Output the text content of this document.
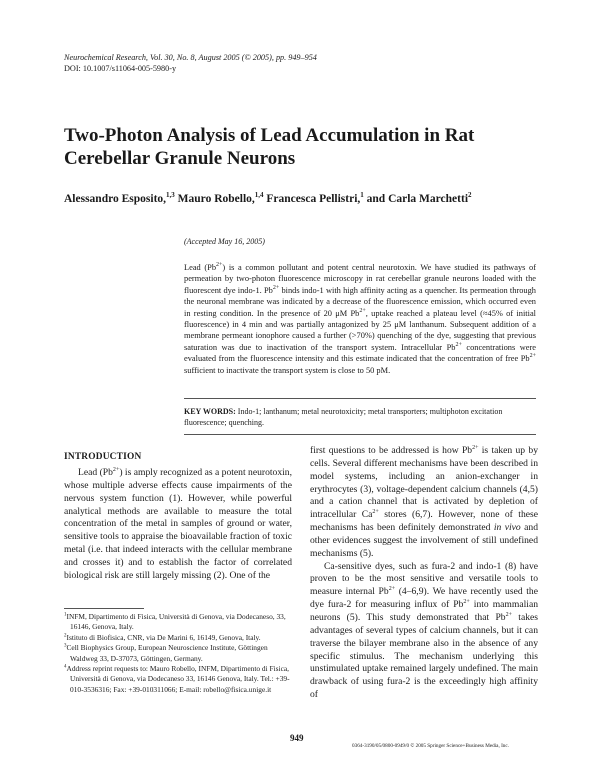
Neurochemical Research, Vol. 30, No. 8, August 2005 (© 2005), pp. 949–954
DOI: 10.1007/s11064-005-5980-y
Two-Photon Analysis of Lead Accumulation in Rat Cerebellar Granule Neurons
Alessandro Esposito,$^{1,3}$ Mauro Robello,$^{1,4}$ Francesca Pellistri,$^1$ and Carla Marchetti$^2$
(Accepted May 16, 2005)
Lead $(Pb^{2+})$ is a common pollutant and potent central neurotoxin. We have studied its pathways of permeation by two-photon fluorescence microscopy in rat cerebellar granule neurons loaded with the fluorescent dye indo-1. $Pb^{2+}$ binds indo-1 with high affinity acting as a quencher. Its permeation through the neuronal membrane was indicated by a decrease of the fluorescence emission, which occurred even in resting condition. In the presence of 20 μM $Pb^{2+}$, uptake reached a plateau level (≈45% of initial fluorescence) in 4 min and was partially antagonized by 25 μM lanthanum. Subsequent addition of a membrane permeant ionophore caused a further (>70%) quenching of the dye, suggesting that previous saturation was due to inactivation of the transport system. Intracellular $Pb^{2+}$ concentrations were evaluated from the fluorescence intensity and this estimate indicated that the concentration of free $Pb^{2+}$ sufficient to inactivate the transport system is close to 50 pM.
KEY WORDS: Indo-1; lanthanum; metal neurotoxicity; metal transporters; multiphoton excitation fluorescence; quenching.
INTRODUCTION

Lead $(Pb^{2+})$ is amply recognized as a potent neurotoxin, whose multiple adverse effects cause impairments of the nervous system function (1). However, while powerful analytical methods are available to measure the total concentration of the metal in samples of ground or water, sensitive tools to appraise the bioavailable fraction of toxic metal (i.e. that indeed interacts with the cellular membrane and crosses it) and to establish the factor of correlated biological risk are still largely missing (2). One of the

first questions to be addressed is how $Pb^{2+}$ is taken up by cells. Several different mechanisms have been described in model systems, including an anion-exchanger in erythrocytes (3), voltage-dependent calcium channels (4,5) and a cation channel that is activated by depletion of intracellular $Ca^{2+}$ stores (6,7). However, none of these mechanisms has been definitely demonstrated in vivo and other evidences suggest the involvement of still undefined mechanisms (5).

Ca-sensitive dyes, such as fura-2 and indo-1 (8) have proven to be the most sensitive and versatile tools to measure internal $Pb^{2+}$ (4–6,9). We have recently used the dye fura-2 for measuring influx of $Pb^{2+}$ into mammalian neurons (5). This study demonstrated that $Pb^{2+}$ takes advantages of several types of calcium channels, but it can traverse the bilayer membrane also in the absence of any specific stimulus. The mechanism underlying this unstimulated uptake remained largely undefined. The main drawback of using fura-2 is the exceedingly high affinity of

$^1$INFM, Dipartimento di Fisica, Università di Genova, via Dodecaneso, 33, 16146, Genova, Italy.
$^2$Istituto di Biofisica, CNR, via De Marini 6, 16149, Genova, Italy.
$^3$Cell Biophysics Group, European Neuroscience Institute, Göttingen Waldweg 33, D-37073, Göttingen, Germany.
$^4$Address reprint requests to: Mauro Robello, INFM, Dipartimento di Fisica, Università di Genova, via Dodecaneso 33, 16146 Genova, Italy. Tel.: +39-010-3536316; Fax: +39-010311066; E-mail: robello@fisica.unige.it
949
0364-3190/05/0800-0949/0 © 2005 Springer Science+Business Media, Inc.
